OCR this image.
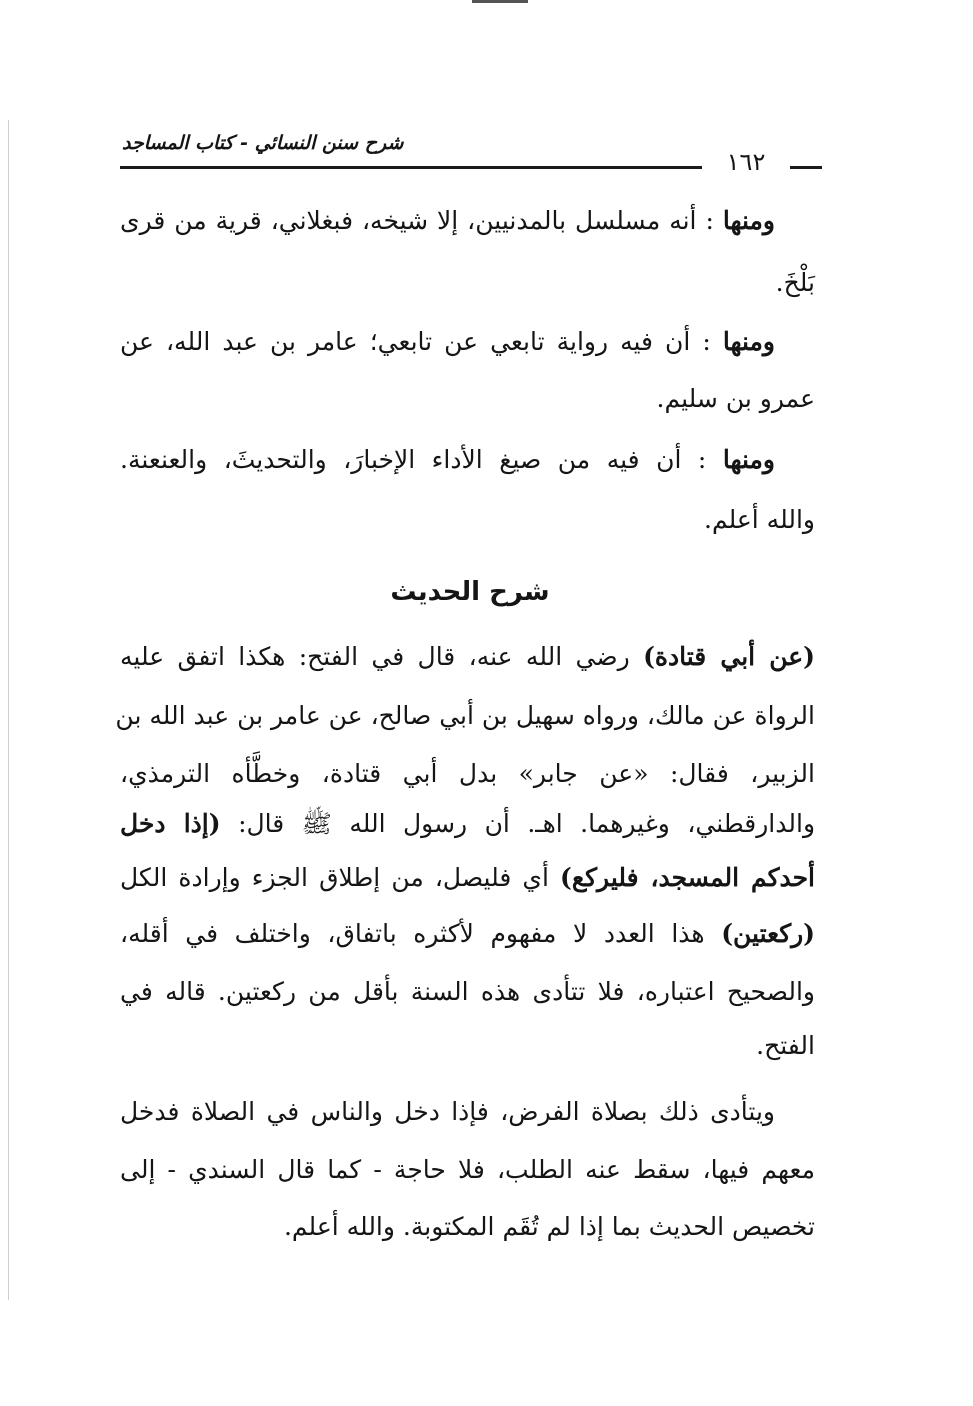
شرح سنن النسائي - كتاب المساجد
١٦٢
ومنها : أنه مسلسل بالمدنيين، إلا شيخه، فبغلاني، قرية من قرى
بَلْخَ.
ومنها : أن فيه رواية تابعي عن تابعي؛ عامر بن عبد الله، عن
عمرو بن سليم.
ومنها : أن فيه من صيغ الأداء الإخبارَ، والتحديثَ، والعنعنة.
والله أعلم.
شرح الحديث
(عن أبي قتادة) رضي الله عنه، قال في الفتح: هكذا اتفق عليه
الرواة عن مالك، ورواه سهيل بن أبي صالح، عن عامر بن عبد الله بن
الزبير، فقال: «عن جابر» بدل أبي قتادة، وخطَّأه الترمذي،
والدارقطني، وغيرهما. اهـ. أن رسول الله ﷺ قال: (إذا دخل
أحدكم المسجد، فليركع) أي فليصل، من إطلاق الجزء وإرادة الكل
(ركعتين) هذا العدد لا مفهوم لأكثره باتفاق، واختلف في أقله،
والصحيح اعتباره، فلا تتأدى هذه السنة بأقل من ركعتين. قاله في
الفتح.
ويتأدى ذلك بصلاة الفرض، فإذا دخل والناس في الصلاة فدخل
معهم فيها، سقط عنه الطلب، فلا حاجة - كما قال السندي - إلى
تخصيص الحديث بما إذا لم تُقَم المكتوبة. والله أعلم.
